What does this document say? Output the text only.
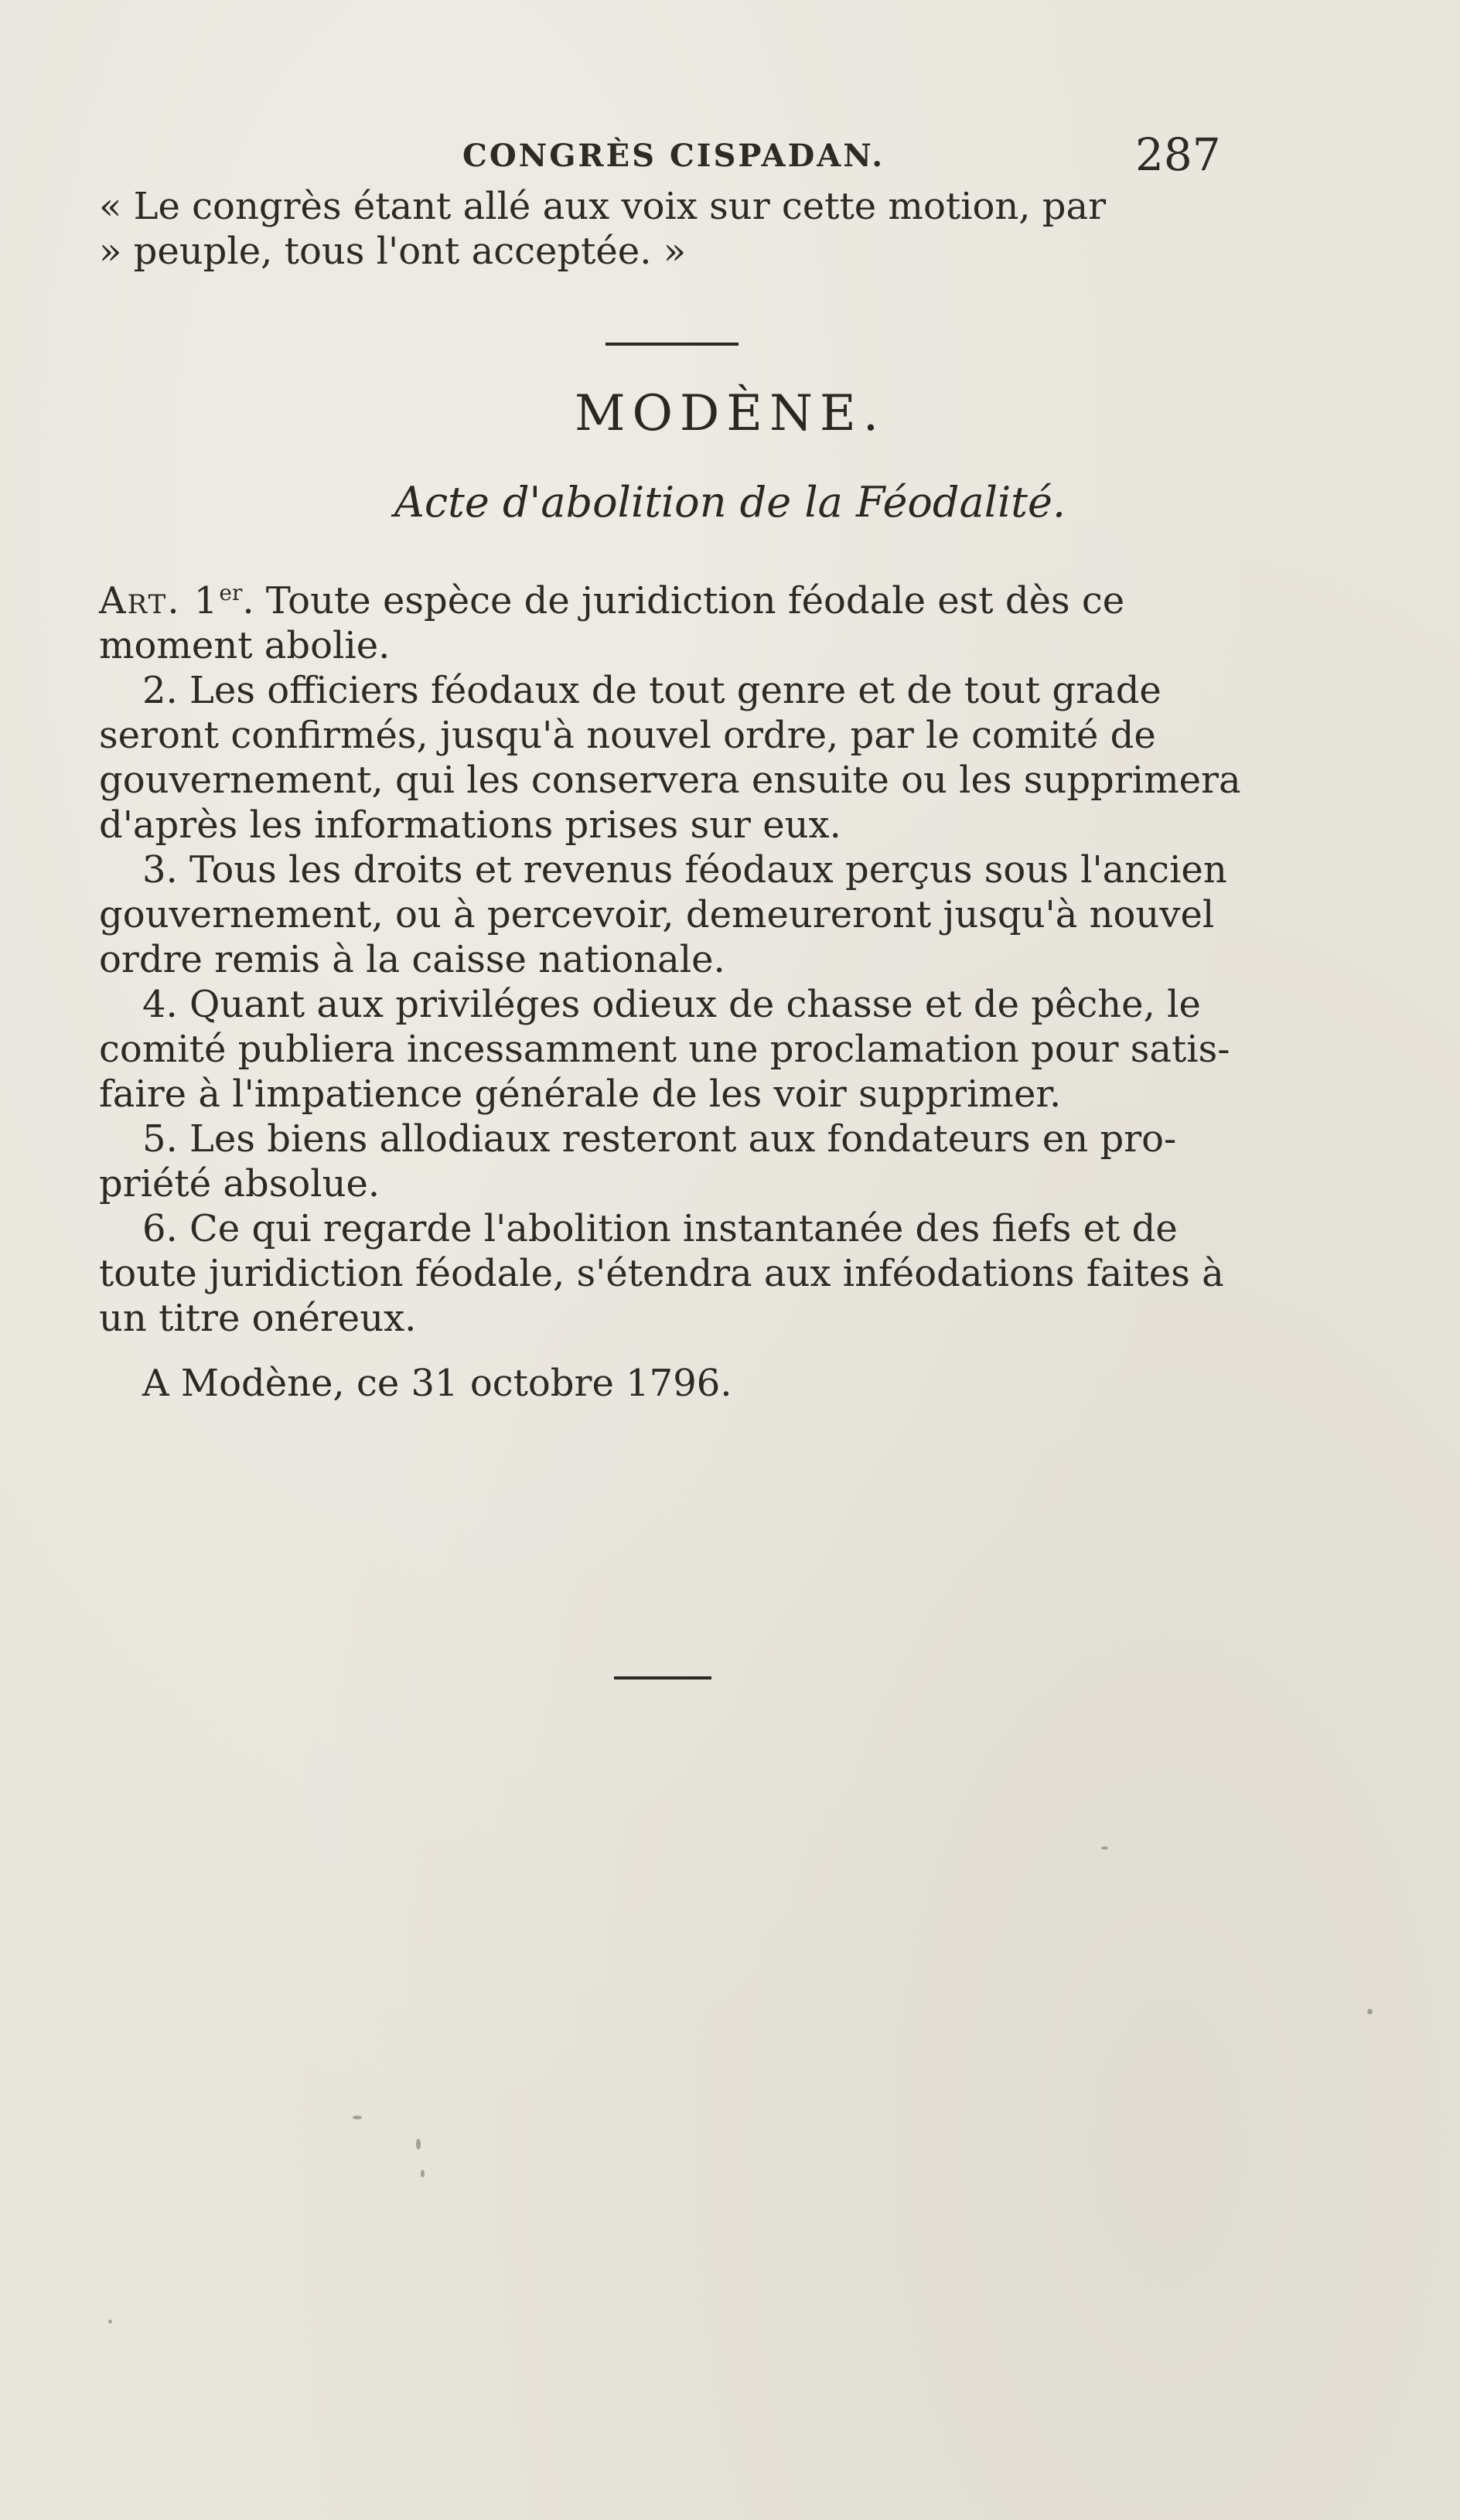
CONGRÈS CISPADAN.	287
« Le congrès étant allé aux voix sur cette motion, par
» peuple, tous l'ont acceptée. »
MODÈNE.
Acte d'abolition de la Féodalité.
Art. 1er. Toute espèce de juridiction féodale est dès ce
moment abolie.
2. Les officiers féodaux de tout genre et de tout grade
seront confirmés, jusqu'à nouvel ordre, par le comité de
gouvernement, qui les conservera ensuite ou les supprimera
d'après les informations prises sur eux.
3. Tous les droits et revenus féodaux perçus sous l'ancien
gouvernement, ou à percevoir, demeureront jusqu'à nouvel
ordre remis à la caisse nationale.
4. Quant aux priviléges odieux de chasse et de pêche, le
comité publiera incessamment une proclamation pour satis-
faire à l'impatience générale de les voir supprimer.
5. Les biens allodiaux resteront aux fondateurs en pro-
priété absolue.
6. Ce qui regarde l'abolition instantanée des fiefs et de
toute juridiction féodale, s'étendra aux inféodations faites à
un titre onéreux.
A Modène, ce 31 octobre 1796.
